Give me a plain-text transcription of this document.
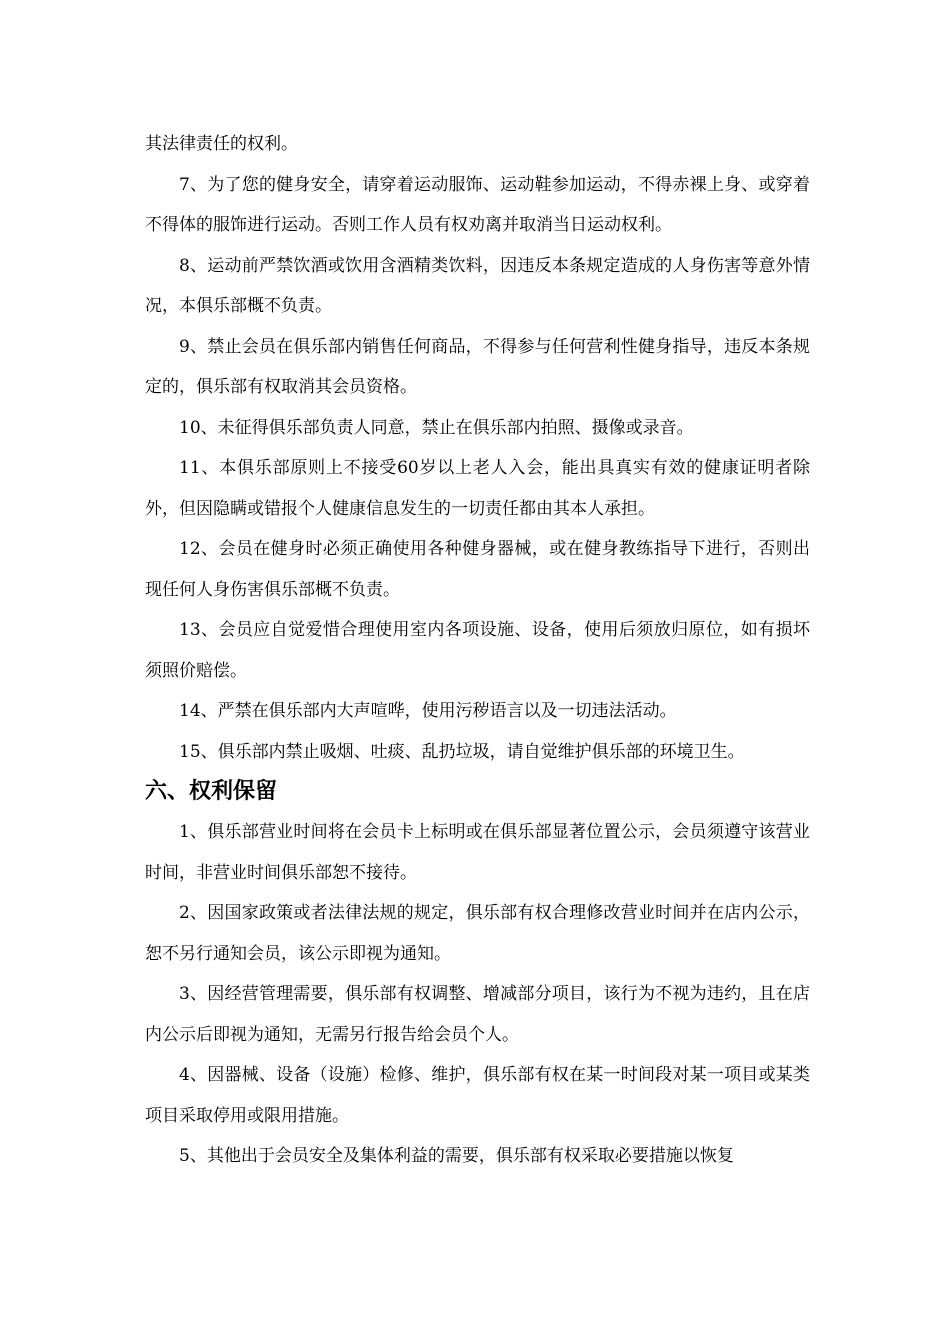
其法律责任的权利。

7、为了您的健身安全，请穿着运动服饰、运动鞋参加运动，不得赤裸上身、或穿着不得体的服饰进行运动。否则工作人员有权劝离并取消当日运动权利。

8、运动前严禁饮酒或饮用含酒精类饮料，因违反本条规定造成的人身伤害等意外情况，本俱乐部概不负责。

9、禁止会员在俱乐部内销售任何商品，不得参与任何营利性健身指导，违反本条规定的，俱乐部有权取消其会员资格。

10、未征得俱乐部负责人同意，禁止在俱乐部内拍照、摄像或录音。

11、本俱乐部原则上不接受60岁以上老人入会，能出具真实有效的健康证明者除外，但因隐瞒或错报个人健康信息发生的一切责任都由其本人承担。

12、会员在健身时必须正确使用各种健身器械，或在健身教练指导下进行，否则出现任何人身伤害俱乐部概不负责。

13、会员应自觉爱惜合理使用室内各项设施、设备，使用后须放归原位，如有损坏须照价赔偿。

14、严禁在俱乐部内大声喧哗，使用污秽语言以及一切违法活动。

15、俱乐部内禁止吸烟、吐痰、乱扔垃圾，请自觉维护俱乐部的环境卫生。

六、权利保留

1、俱乐部营业时间将在会员卡上标明或在俱乐部显著位置公示，会员须遵守该营业时间，非营业时间俱乐部恕不接待。

2、因国家政策或者法律法规的规定，俱乐部有权合理修改营业时间并在店内公示，恕不另行通知会员，该公示即视为通知。

3、因经营管理需要，俱乐部有权调整、增减部分项目，该行为不视为违约，且在店内公示后即视为通知，无需另行报告给会员个人。

4、因器械、设备（设施）检修、维护，俱乐部有权在某一时间段对某一项目或某类项目采取停用或限用措施。

5、其他出于会员安全及集体利益的需要，俱乐部有权采取必要措施以恢复
